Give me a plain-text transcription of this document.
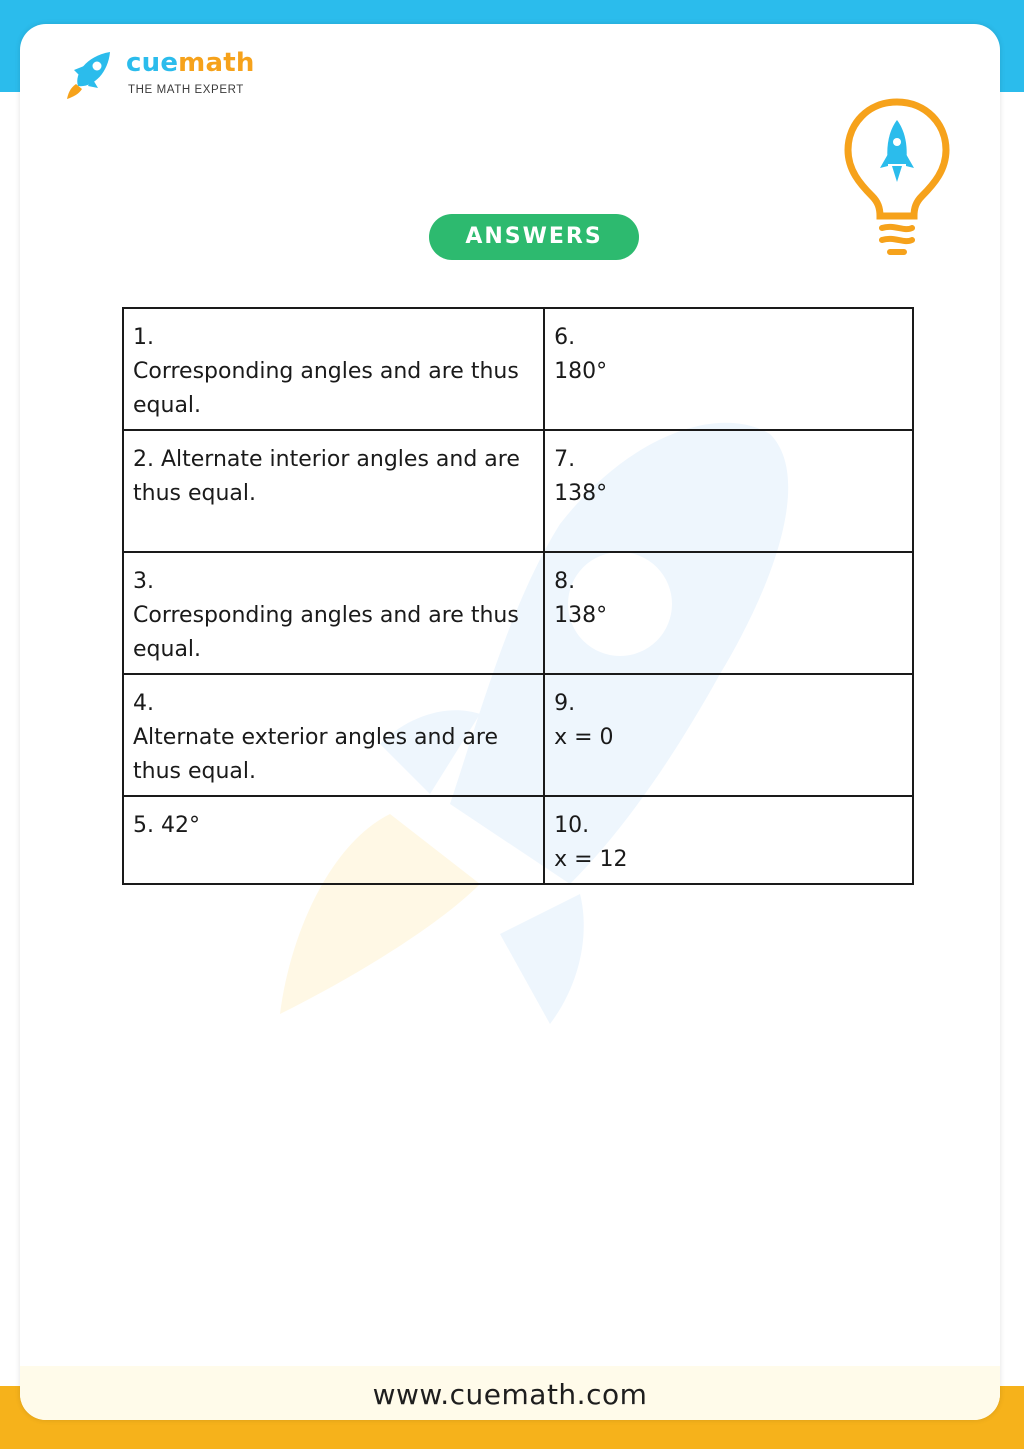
cuemath
THE MATH EXPERT
ANSWERS
1.
Corresponding angles and are thus
equal.	6.
180°

2. Alternate interior angles and are
thus equal.	7.
138°

3.
Corresponding angles and are thus
equal.	8.
138°

4.
Alternate exterior angles and are
thus equal.	9.
x = 0

5. 42°	10.
x = 12
www.cuemath.com
